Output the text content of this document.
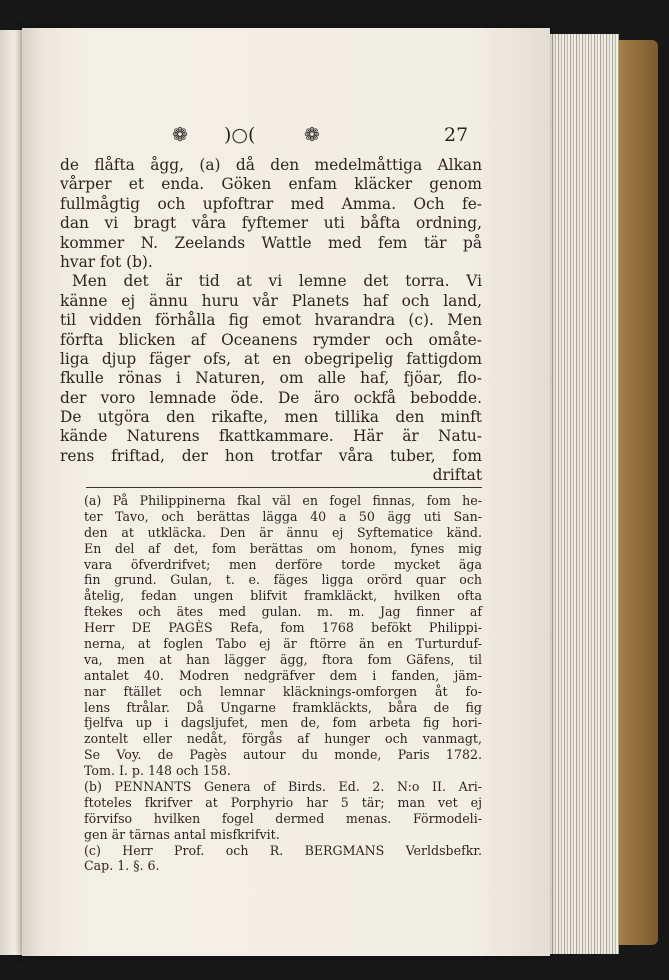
❁ )○(	❁	27
de flåfta ågg, (a) då den medelmåttiga Alkan
vårper et enda. Göken enfam kläcker genom
fullmågtig och upfoftrar med Amma. Och fe-
dan vi bragt våra fyftemer uti båfta ordning,
kommer N. Zeelands Wattle med fem tär på
hvar fot (b).
Men det är tid at vi lemne det torra. Vi
känne ej ännu huru vår Planets haf och land,
til vidden förhålla fig emot hvarandra (c). Men
förfta blicken af Oceanens rymder och omåte-
liga djup fäger ofs, at en obegripelig fattigdom
fkulle rönas i Naturen, om alle haf, fjöar, flo-
der voro lemnade öde. De äro ockfå bebodde.
De utgöra den rikafte, men tillika den minft
kände Naturens fkattkammare. Här är Natu-
rens friftad, der hon trotfar våra tuber, fom
driftat
(a) På Philippinerna fkal väl en fogel finnas, fom he-
ter Tavo, och berättas lägga 40 a 50 ägg uti San-
den at utkläcka. Den är ännu ej Syftematice känd.
En del af det, fom berättas om honom, fynes mig
vara öfverdrifvet; men derföre torde mycket äga
fin grund. Gulan, t. e. fäges ligga orörd quar och
åtelig, fedan ungen blifvit framkläckt, hvilken ofta
ftekes och ätes med gulan. m. m. Jag finner af
Herr DE PAGÈS Refa, fom 1768 befökt Philippi-
nerna, at foglen Tabo ej är ftörre än en Turturduf-
va, men at han lägger ägg, ftora fom Gäfens, til
antalet 40. Modren nedgräfver dem i fanden, jäm-
nar ftället och lemnar kläcknings-omforgen åt fo-
lens ftrålar. Då Ungarne framkläckts, båra de fig
fjelfva up i dagsljufet, men de, fom arbeta fig hori-
zontelt eller nedåt, förgås af hunger och vanmagt,
Se Voy. de Pagès autour du monde, Paris 1782.
Tom. I. p. 148 och 158.
(b) PENNANTS Genera of Birds. Ed. 2. N:o II. Ari-
ftoteles fkrifver at Porphyrio har 5 tär; man vet ej
förvifso hvilken fogel dermed menas. Förmodeli-
gen är tärnas antal misfkrifvit.
(c) Herr Prof. och R. BERGMANS Verldsbefkr.
Cap. 1. §. 6.
